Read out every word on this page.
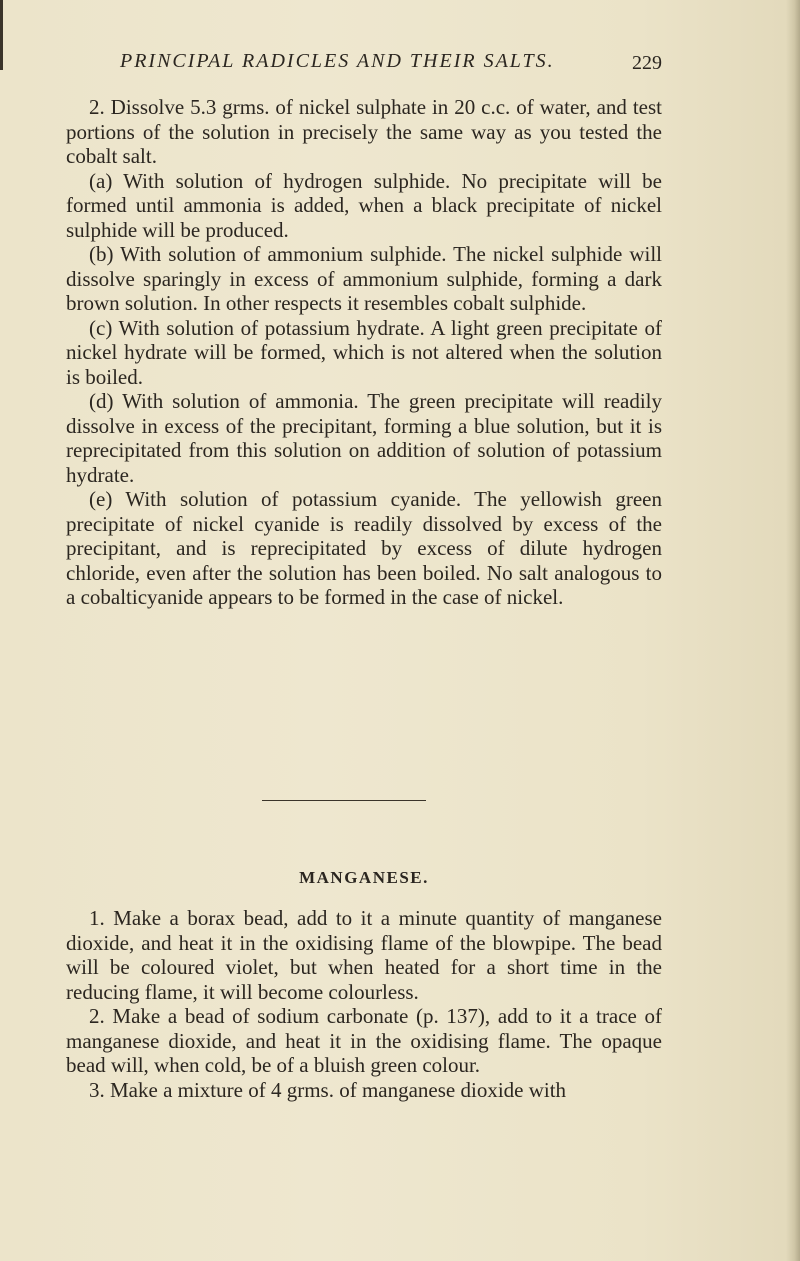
PRINCIPAL RADICLES AND THEIR SALTS.	229

2. Dissolve 5.3 grms. of nickel sulphate in 20 c.c. of water, and test portions of the solution in precisely the same way as you tested the cobalt salt.

(a) With solution of hydrogen sulphide. No precipitate will be formed until ammonia is added, when a black precipitate of nickel sulphide will be produced.

(b) With solution of ammonium sulphide. The nickel sulphide will dissolve sparingly in excess of ammonium sulphide, forming a dark brown solution. In other respects it resembles cobalt sulphide.

(c) With solution of potassium hydrate. A light green precipitate of nickel hydrate will be formed, which is not altered when the solution is boiled.

(d) With solution of ammonia. The green precipitate will readily dissolve in excess of the precipitant, forming a blue solution, but it is reprecipitated from this solution on addition of solution of potassium hydrate.

(e) With solution of potassium cyanide. The yellowish green precipitate of nickel cyanide is readily dissolved by excess of the precipitant, and is reprecipitated by excess of dilute hydrogen chloride, even after the solution has been boiled. No salt analogous to a cobalticyanide appears to be formed in the case of nickel.

MANGANESE.

1. Make a borax bead, add to it a minute quantity of manganese dioxide, and heat it in the oxidising flame of the blowpipe. The bead will be coloured violet, but when heated for a short time in the reducing flame, it will become colourless.

2. Make a bead of sodium carbonate (p. 137), add to it a trace of manganese dioxide, and heat it in the oxidising flame. The opaque bead will, when cold, be of a bluish green colour.

3. Make a mixture of 4 grms. of manganese dioxide with
